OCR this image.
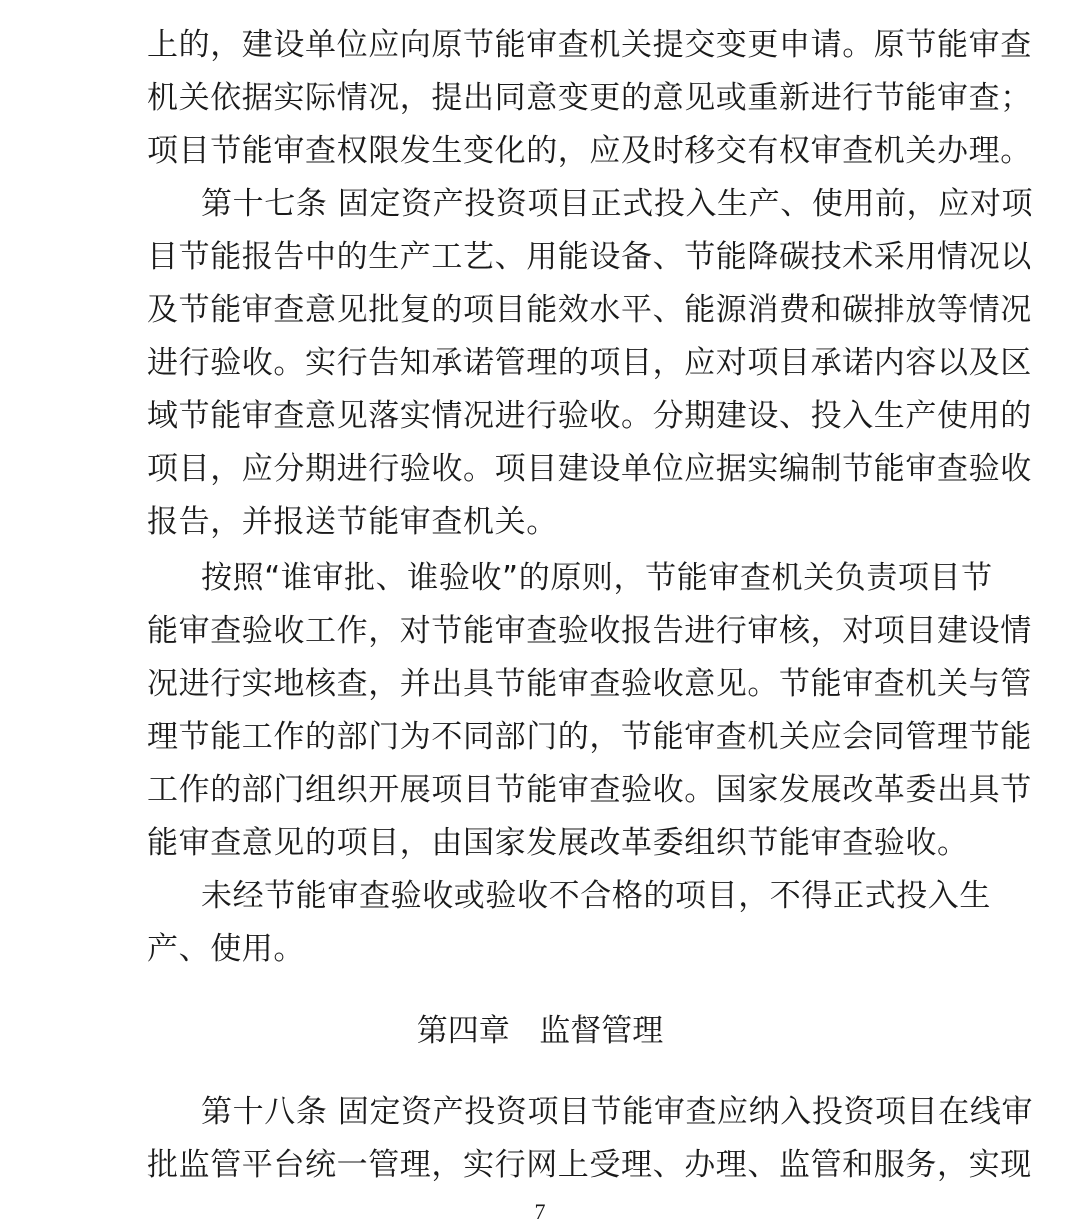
上的，建设单位应向原节能审查机关提交变更申请。原节能审查
机关依据实际情况，提出同意变更的意见或重新进行节能审查；
项目节能审查权限发生变化的，应及时移交有权审查机关办理。
第十七条 固定资产投资项目正式投入生产、使用前，应对项
目节能报告中的生产工艺、用能设备、节能降碳技术采用情况以
及节能审查意见批复的项目能效水平、能源消费和碳排放等情况
进行验收。实行告知承诺管理的项目，应对项目承诺内容以及区
域节能审查意见落实情况进行验收。分期建设、投入生产使用的
项目，应分期进行验收。项目建设单位应据实编制节能审查验收
报告，并报送节能审查机关。
按照“谁审批、谁验收”的原则，节能审查机关负责项目节
能审查验收工作，对节能审查验收报告进行审核，对项目建设情
况进行实地核查，并出具节能审查验收意见。节能审查机关与管
理节能工作的部门为不同部门的，节能审查机关应会同管理节能
工作的部门组织开展项目节能审查验收。国家发展改革委出具节
能审查意见的项目，由国家发展改革委组织节能审查验收。
未经节能审查验收或验收不合格的项目，不得正式投入生
产、使用。
第四章   监督管理
第十八条 固定资产投资项目节能审查应纳入投资项目在线审
批监管平台统一管理，实行网上受理、办理、监管和服务，实现
7
